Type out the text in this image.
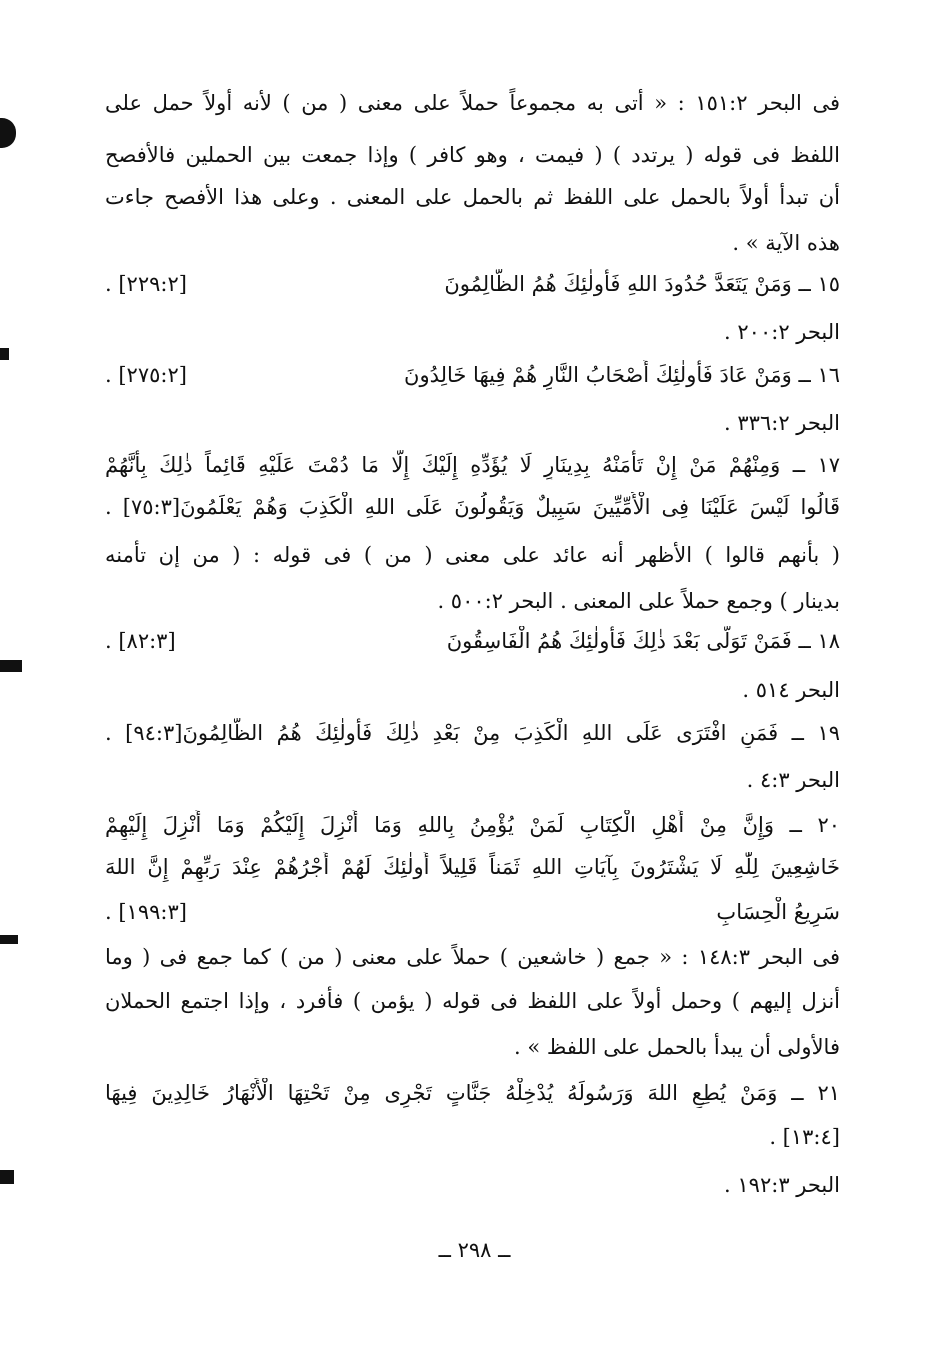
فى البحر ١٥١:٢ : « أتى به مجموعاً حملاً على معنى ( من ) لأنه أولاً حمل على
اللفظ فى قوله ( يرتدد ) ( فيمت ، وهو كافر ) وإذا جمعت بين الحملين فالأفصح
أن تبدأ أولاً بالحمل على اللفظ ثم بالحمل على المعنى . وعلى هذا الأفصح جاءت
هذه الآية » .
١٥ ــ وَمَنْ يَتَعَدَّ حُدُودَ اللهِ فَأُولٰئِكَ هُمُ الظَّالِمُونَ
[٢٢٩:٢] .
البحر ٢٠٠:٢ .
١٦ ــ وَمَنْ عَادَ فَأُولٰئِكَ أَصْحَابُ النَّارِ هُمْ فِيهَا خَالِدُونَ
[٢٧٥:٢] .
البحر ٣٣٦:٢ .
١٧ ــ وَمِنْهُمْ مَنْ إِنْ تَأْمَنْهُ بِدِينَارٍ لَا يُؤَدِّهِ إِلَيْكَ إِلَّا مَا دُمْتَ عَلَيْهِ قَائِماً ذٰلِكَ بِأَنَّهُمْ
قَالُوا لَيْسَ عَلَيْنَا فِى الْأُمِّيِّينَ سَبِيلٌ وَيَقُولُونَ عَلَى اللهِ الْكَذِبَ وَهُمْ يَعْلَمُونَ[٧٥:٣] .
( بأنهم قالوا ) الأظهر أنه عائد على معنى ( من ) فى قوله : ( من إن تأمنه
بدينار ) وجمع حملاً على المعنى . البحر ٥٠٠:٢ .
١٨ ــ فَمَنْ تَوَلَّى بَعْدَ ذٰلِكَ فَأُولٰئِكَ هُمُ الْفَاسِقُونَ
[٨٢:٣] .
البحر ٥١٤ .
١٩ ــ فَمَنِ افْتَرَى عَلَى اللهِ الْكَذِبَ مِنْ بَعْدِ ذٰلِكَ فَأُولٰئِكَ هُمُ الظَّالِمُونَ[٩٤:٣] .
البحر ٤:٣ .
٢٠ ــ وَإِنَّ مِنْ أَهْلِ الْكِتَابِ لَمَنْ يُؤْمِنُ بِاللهِ وَمَا أُنْزِلَ إِلَيْكُمْ وَمَا أُنْزِلَ إِلَيْهِمْ
خَاشِعِينَ لِلّٰهِ لَا يَشْتَرُونَ بِآيَاتِ اللهِ ثَمَناً قَلِيلاً أُولٰئِكَ لَهُمْ أَجْرُهُمْ عِنْدَ رَبِّهِمْ إِنَّ اللهَ
سَرِيعُ الْحِسَابِ
[١٩٩:٣] .
فى البحر ١٤٨:٣ : « جمع ( خاشعين ) حملاً على معنى ( من ) كما جمع فى ( وما
أنزل إليهم ) وحمل أولاً على اللفظ فى قوله ( يؤمن ) فأفرد ، وإذا اجتمع الحملان
فالأولى أن يبدأ بالحمل على اللفظ » .
٢١ ــ وَمَنْ يُطِعِ اللهَ وَرَسُولَهُ يُدْخِلْهُ جَنَّاتٍ تَجْرِى مِنْ تَحْتِهَا الْأَنْهَارُ خَالِدِينَ فِيهَا
[١٣:٤] .
البحر ١٩٢:٣ .
ــ ٢٩٨ ــ
